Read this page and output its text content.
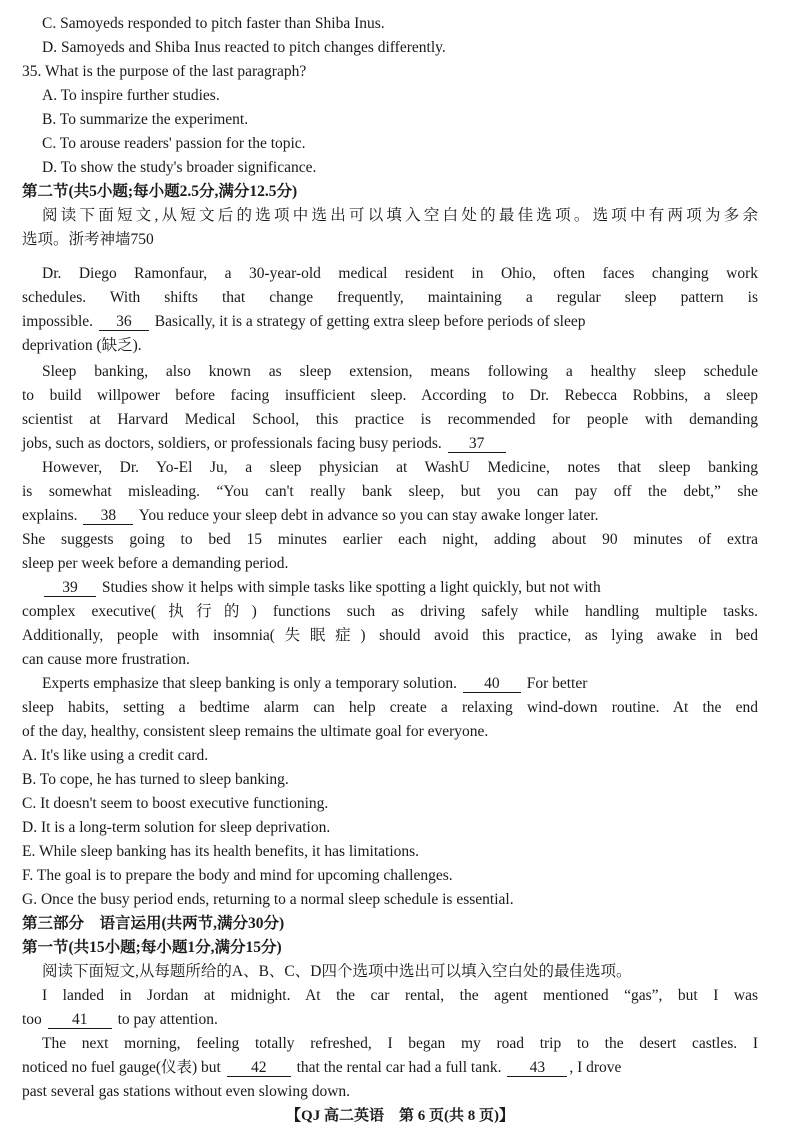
C. Samoyeds responded to pitch faster than Shiba Inus.
D. Samoyeds and Shiba Inus reacted to pitch changes differently.
35. What is the purpose of the last paragraph?
A. To inspire further studies.
B. To summarize the experiment.
C. To arouse readers' passion for the topic.
D. To show the study's broader significance.
第二节(共5小题;每小题2.5分,满分12.5分)
阅读下面短文,从短文后的选项中选出可以填入空白处的最佳选项。选项中有两项为多余
选项。浙考神墙750
Dr. Diego Ramonfaur, a 30-year-old medical resident in Ohio, often faces changing work
schedules. With shifts that change frequently, maintaining a regular sleep pattern is
impossible. 36 Basically, it is a strategy of getting extra sleep before periods of sleep
deprivation (缺乏).
Sleep banking, also known as sleep extension, means following a healthy sleep schedule
to build willpower before facing insufficient sleep. According to Dr. Rebecca Robbins, a sleep
scientist at Harvard Medical School, this practice is recommended for people with demanding
jobs, such as doctors, soldiers, or professionals facing busy periods. 37
However, Dr. Yo-El Ju, a sleep physician at WashU Medicine, notes that sleep banking
is somewhat misleading. “You can't really bank sleep, but you can pay off the debt,” she
explains. 38 You reduce your sleep debt in advance so you can stay awake longer later.
She suggests going to bed 15 minutes earlier each night, adding about 90 minutes of extra
sleep per week before a demanding period.
39 Studies show it helps with simple tasks like spotting a light quickly, but not with
complex executive(执行的) functions such as driving safely while handling multiple tasks.
Additionally, people with insomnia(失眠症) should avoid this practice, as lying awake in bed
can cause more frustration.
Experts emphasize that sleep banking is only a temporary solution. 40 For better
sleep habits, setting a bedtime alarm can help create a relaxing wind-down routine. At the end
of the day, healthy, consistent sleep remains the ultimate goal for everyone.
A. It's like using a credit card.
B. To cope, he has turned to sleep banking.
C. It doesn't seem to boost executive functioning.
D. It is a long-term solution for sleep deprivation.
E. While sleep banking has its health benefits, it has limitations.
F. The goal is to prepare the body and mind for upcoming challenges.
G. Once the busy period ends, returning to a normal sleep schedule is essential.
第三部分　语言运用(共两节,满分30分)
第一节(共15小题;每小题1分,满分15分)
阅读下面短文,从每题所给的A、B、C、D四个选项中选出可以填入空白处的最佳选项。
I landed in Jordan at midnight. At the car rental, the agent mentioned “gas”, but I was
too 41 to pay attention.
The next morning, feeling totally refreshed, I began my road trip to the desert castles. I
noticed no fuel gauge(仪表) but 42 that the rental car had a full tank. 43 , I drove
past several gas stations without even slowing down.
【QJ 高二英语　第 6 页(共 8 页)】
